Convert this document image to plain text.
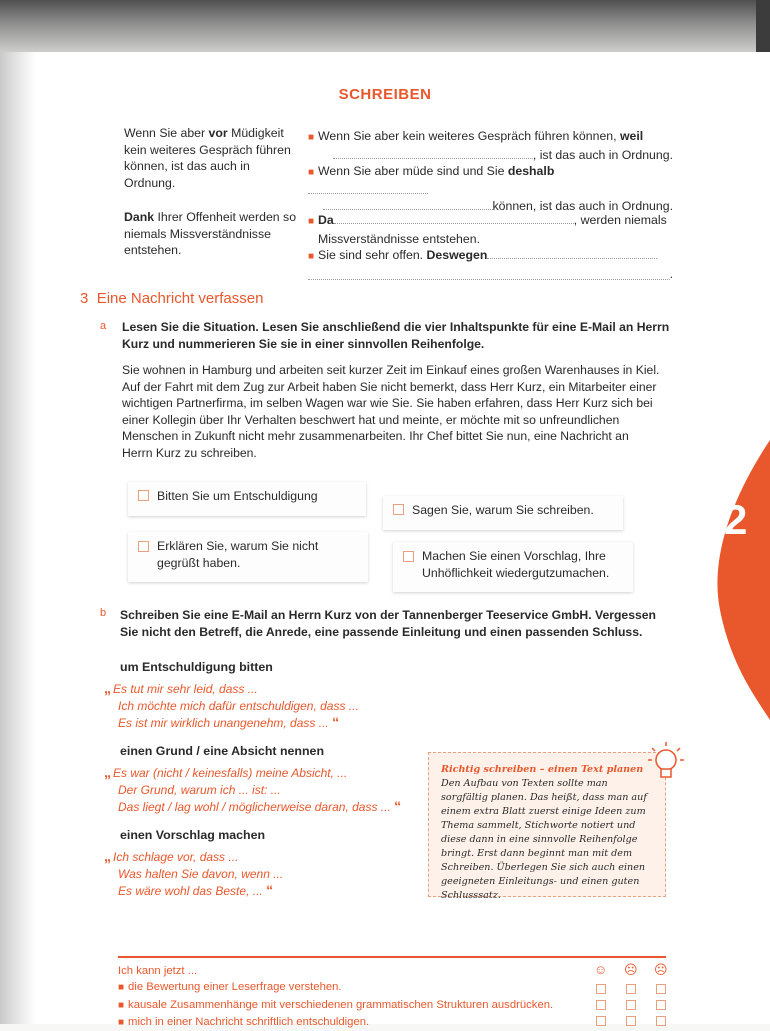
SCHREIBEN
Wenn Sie aber vor Müdigkeit kein weiteres Gespräch führen können, ist das auch in Ordnung.
■ Wenn Sie aber kein weiteres Gespräch führen können, weil
, ist das auch in Ordnung.
■ Wenn Sie aber müde sind und Sie deshalb
können, ist das auch in Ordnung.
Dank Ihrer Offenheit werden so niemals Missverständnisse entstehen.
■ Da	, werden niemals
Missverständnisse entstehen.
■ Sie sind sehr offen. Deswegen
.
3 Eine Nachricht verfassen
a Lesen Sie die Situation. Lesen Sie anschließend die vier Inhaltspunkte für eine E-Mail an Herrn Kurz und nummerieren Sie sie in einer sinnvollen Reihenfolge.
Sie wohnen in Hamburg und arbeiten seit kurzer Zeit im Einkauf eines großen Warenhauses in Kiel. Auf der Fahrt mit dem Zug zur Arbeit haben Sie nicht bemerkt, dass Herr Kurz, ein Mitarbeiter einer wichtigen Partnerfirma, im selben Wagen war wie Sie. Sie haben erfahren, dass Herr Kurz sich bei einer Kollegin über Ihr Verhalten beschwert hat und meinte, er möchte mit so unfreundlichen Menschen in Zukunft nicht mehr zusammenarbeiten. Ihr Chef bittet Sie nun, eine Nachricht an Herrn Kurz zu schreiben.
Bitten Sie um Entschuldigung
Sagen Sie, warum Sie schreiben.
Erklären Sie, warum Sie nicht gegrüßt haben.	Machen Sie einen Vorschlag, Ihre Unhöflichkeit wiedergutzumachen.
b Schreiben Sie eine E-Mail an Herrn Kurz von der Tannenberger Teeservice GmbH. Vergessen Sie nicht den Betreff, die Anrede, eine passende Einleitung und einen passenden Schluss.
um Entschuldigung bitten
„ Es tut mir sehr leid, dass ...
Ich möchte mich dafür entschuldigen, dass ...
Es ist mir wirklich unangenehm, dass ... “
einen Grund / eine Absicht nennen
„ Es war (nicht / keinesfalls) meine Absicht, ...
Der Grund, warum ich ... ist: ...
Das liegt / lag wohl / möglicherweise daran, dass ... “
einen Vorschlag machen
„ Ich schlage vor, dass ...
Was halten Sie davon, wenn ...
Es wäre wohl das Beste, ... “
Richtig schreiben – einen Text planen
Den Aufbau von Texten sollte man sorgfältig planen. Das heißt, dass man auf einem extra Blatt zuerst einige Ideen zum Thema sammelt, Stichworte notiert und diese dann in eine sinnvolle Reihenfolge bringt. Erst dann beginnt man mit dem Schreiben. Überlegen Sie sich auch einen geeigneten Einleitungs- und einen guten Schlusssatz.
2
Ich kann jetzt ...
■ die Bewertung einer Leserfrage verstehen.
■ kausale Zusammenhänge mit verschiedenen grammatischen Strukturen ausdrücken.
■ mich in einer Nachricht schriftlich entschuldigen.
☺ ☹ ☹
